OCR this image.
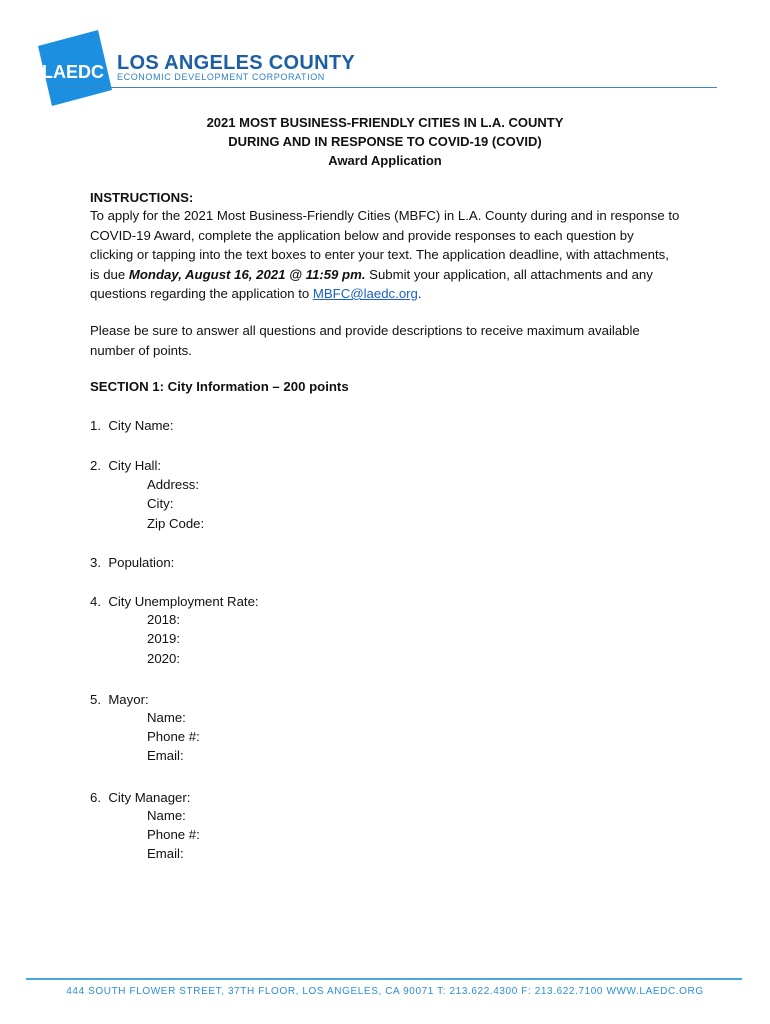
LAEDC LOS ANGELES COUNTY
ECONOMIC DEVELOPMENT CORPORATION
2021 MOST BUSINESS-FRIENDLY CITIES IN L.A. COUNTY
DURING AND IN RESPONSE TO COVID-19 (COVID)
Award Application
INSTRUCTIONS:
To apply for the 2021 Most Business-Friendly Cities (MBFC) in L.A. County during and in response to COVID-19 Award, complete the application below and provide responses to each question by clicking or tapping into the text boxes to enter your text. The application deadline, with attachments, is due Monday, August 16, 2021 @ 11:59 pm. Submit your application, all attachments and any questions regarding the application to MBFC@laedc.org.
Please be sure to answer all questions and provide descriptions to receive maximum available number of points.
SECTION 1: City Information – 200 points
1.  City Name:
2.  City Hall:
Address:
City:
Zip Code:
3.  Population:
4.  City Unemployment Rate:
2018:
2019:
2020:
5.  Mayor:
Name:
Phone #:
Email:
6.  City Manager:
Name:
Phone #:
Email:
444 SOUTH FLOWER STREET, 37TH FLOOR, LOS ANGELES, CA 90071 T: 213.622.4300 F: 213.622.7100 WWW.LAEDC.ORG
